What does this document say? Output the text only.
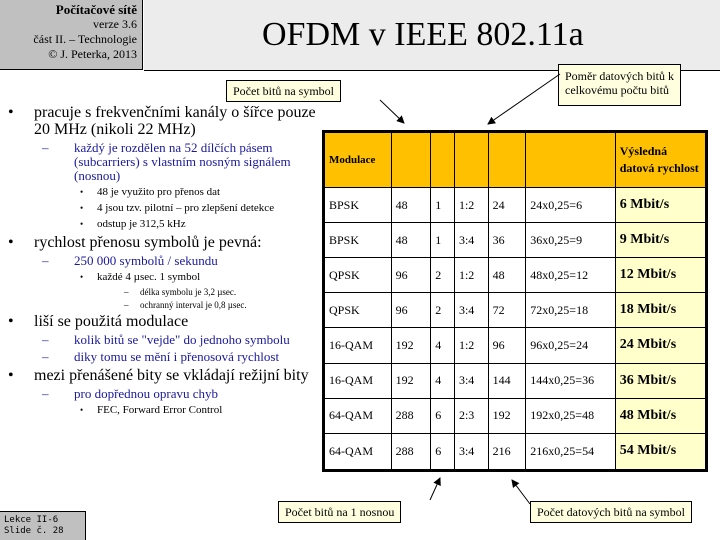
Počítačové sítě
verze 3.6
část II. – Technologie
© J. Peterka, 2013
OFDM v IEEE 802.11a
Počet bitů na symbol
Poměr datových bitů k
celkovému počtu bitů
Počet bitů na 1 nosnou	Počet datových bitů na symbol
• pracuje s frekvenčními kanály o šířce pouze 20 MHz (nikoli 22 MHz)
– každý je rozdělen na 52 dílčích pásem (subcarriers) s vlastním nosným signálem (nosnou)
• 48 je využito pro přenos dat
• 4 jsou tzv. pilotní – pro zlepšení detekce
• odstup je 312,5 kHz
• rychlost přenosu symbolů je pevná:
– 250 000 symbolů / sekundu
• každé 4 µsec. 1 symbol
– délka symbolu je 3,2 µsec.
– ochranný interval je 0,8 µsec.
• liší se použitá modulace
– kolik bitů se "vejde" do jednoho symbolu
– diky tomu se mění i přenosová rychlost
• mezi přenášené bity se vkládají režijní bity
– pro dopřednou opravu chyb
• FEC, Forward Error Control
Lekce II-6
Slide č. 28
Modulace						Výsledná datová rychlost
BPSK	48	1	1:2	24	24x0,25=6	6 Mbit/s
BPSK	48	1	3:4	36	36x0,25=9	9 Mbit/s
QPSK	96	2	1:2	48	48x0,25=12	12 Mbit/s
QPSK	96	2	3:4	72	72x0,25=18	18 Mbit/s
16-QAM	192	4	1:2	96	96x0,25=24	24 Mbit/s
16-QAM	192	4	3:4	144	144x0,25=36	36 Mbit/s
64-QAM	288	6	2:3	192	192x0,25=48	48 Mbit/s
64-QAM	288	6	3:4	216	216x0,25=54	54 Mbit/s
